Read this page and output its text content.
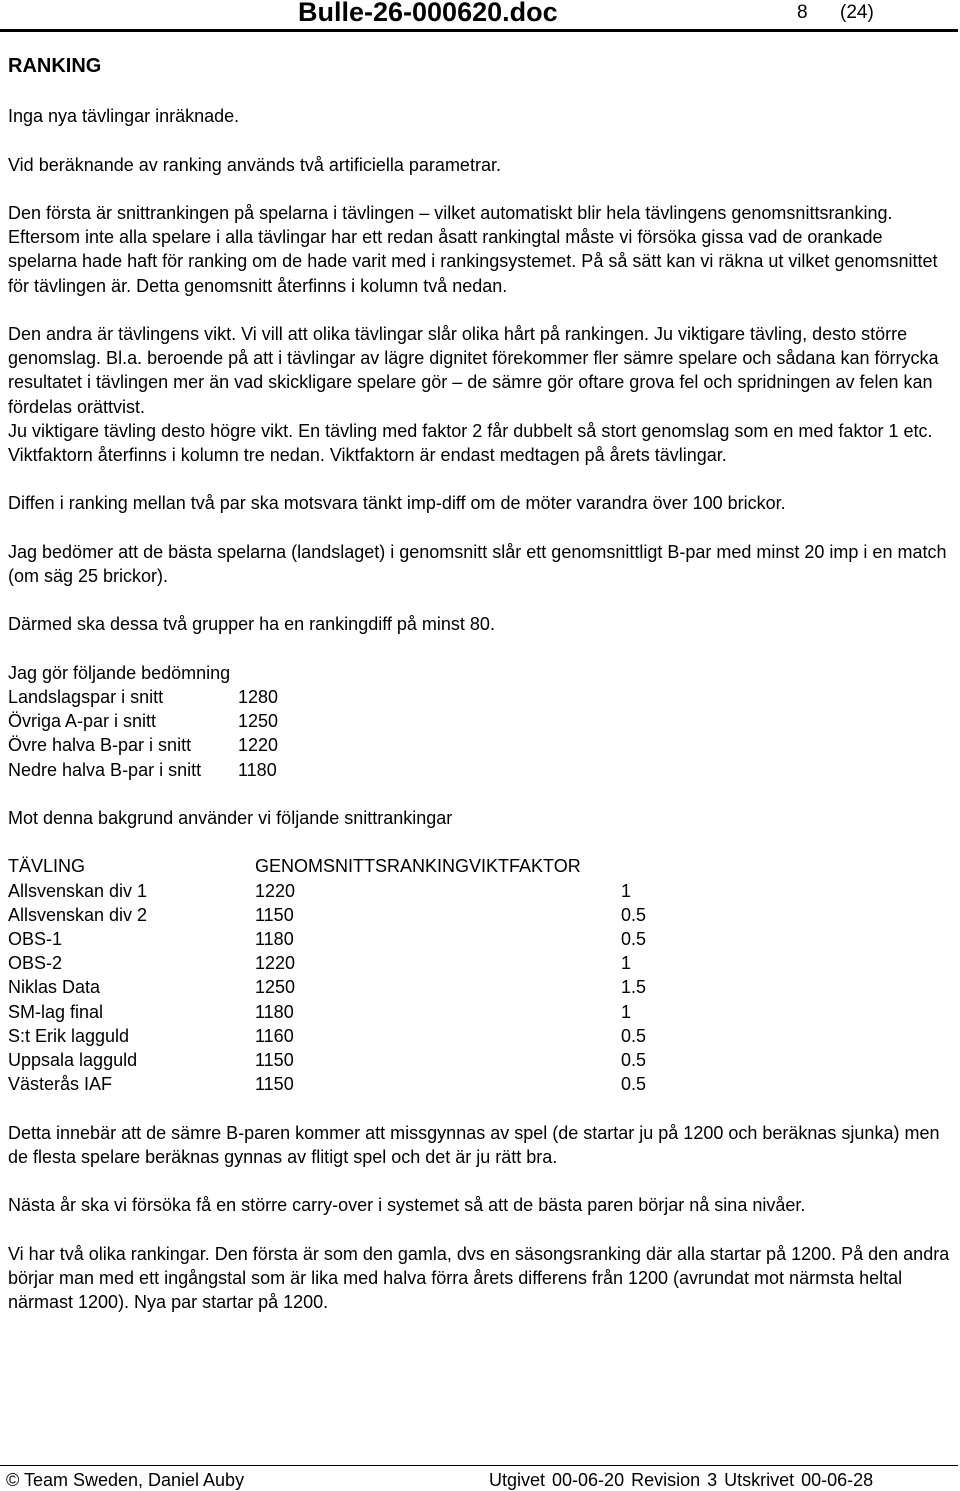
Bulle-26-000620.doc	8 (24)

RANKING

Inga nya tävlingar inräknade.

Vid beräknande av ranking används två artificiella parametrar.

Den första är snittrankingen på spelarna i tävlingen – vilket automatiskt blir hela tävlingens genomsnittsranking. Eftersom inte alla spelare i alla tävlingar har ett redan åsatt rankingtal måste vi försöka gissa vad de orankade spelarna hade haft för ranking om de hade varit med i rankingsystemet. På så sätt kan vi räkna ut vilket genomsnittet för tävlingen är. Detta genomsnitt återfinns i kolumn två nedan.

Den andra är tävlingens vikt. Vi vill att olika tävlingar slår olika hårt på rankingen. Ju viktigare tävling, desto större genomslag. Bl.a. beroende på att i tävlingar av lägre dignitet förekommer fler sämre spelare och sådana kan förrycka resultatet i tävlingen mer än vad skickligare spelare gör – de sämre gör oftare grova fel och spridningen av felen kan fördelas orättvist.

Ju viktigare tävling desto högre vikt. En tävling med faktor 2 får dubbelt så stort genomslag som en med faktor 1 etc. Viktfaktorn återfinns i kolumn tre nedan. Viktfaktorn är endast medtagen på årets tävlingar.

Diffen i ranking mellan två par ska motsvara tänkt imp-diff om de möter varandra över 100 brickor.

Jag bedömer att de bästa spelarna (landslaget) i genomsnitt slår ett genomsnittligt B-par med minst 20 imp i en match (om säg 25 brickor).

Därmed ska dessa två grupper ha en rankingdiff på minst 80.

Jag gör följande bedömning

Landslagspar i snitt	1280
Övriga A-par i snitt	1250
Övre halva B-par i snitt	1220
Nedre halva B-par i snitt	1180

Mot denna bakgrund använder vi följande snittrankingar

TÄVLING	GENOMSNITTSRANKING VIKTFAKTOR
Allsvenskan div 1	1220	1
Allsvenskan div 2	1150	0.5
OBS-1	1180	0.5
OBS-2	1220	1
Niklas Data	1250	1.5
SM-lag final	1180	1
S:t Erik lagguld	1160	0.5
Uppsala lagguld	1150	0.5
Västerås IAF	1150	0.5

Detta innebär att de sämre B-paren kommer att missgynnas av spel (de startar ju på 1200 och beräknas sjunka) men de flesta spelare beräknas gynnas av flitigt spel och det är ju rätt bra.

Nästa år ska vi försöka få en större carry-over i systemet så att de bästa paren börjar nå sina nivåer.

Vi har två olika rankingar. Den första är som den gamla, dvs en säsongsranking där alla startar på 1200. På den andra börjar man med ett ingångstal som är lika med halva förra årets differens från 1200 (avrundat mot närmsta heltal närmast 1200). Nya par startar på 1200.

© Team Sweden, Daniel Auby	Utgivet 00-06-20 Revision 3 Utskrivet 00-06-28
